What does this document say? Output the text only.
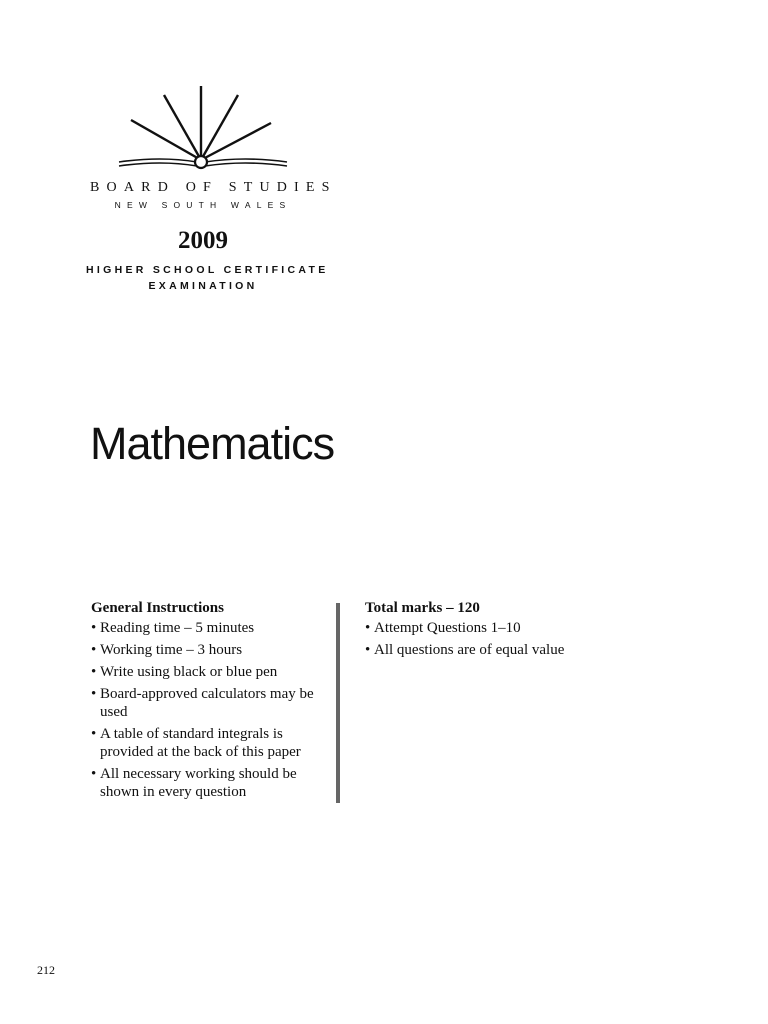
BOARD OF STUDIES
NEW SOUTH WALES
2009
HIGHER SCHOOL CERTIFICATE
EXAMINATION
Mathematics
General Instructions
• Reading time – 5 minutes
• Working time – 3 hours
• Write using black or blue pen
• Board-approved calculators may be used
• A table of standard integrals is provided at the back of this paper
• All necessary working should be shown in every question
Total marks – 120
• Attempt Questions 1–10
• All questions are of equal value
212
